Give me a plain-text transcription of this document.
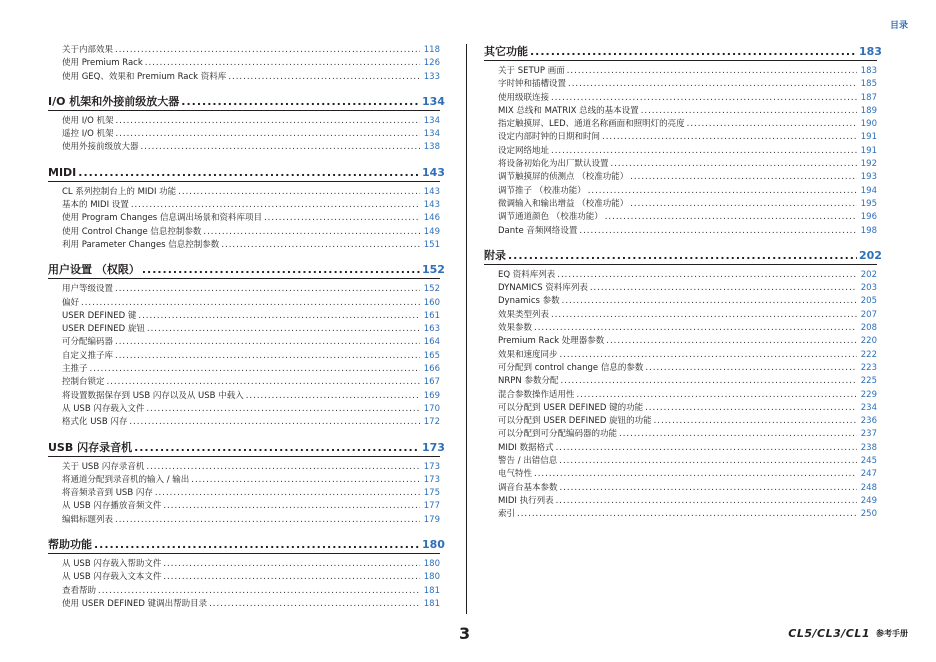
目录
关于内部效果 .....	118
使用 Premium Rack .....	126
使用 GEQ、效果和 Premium Rack 资料库 .....	133
I/O 机架和外接前级放大器 .....	134
使用 I/O 机架 .....	134
遥控 I/O 机架 .....	134
使用外接前级放大器 .....	138
MIDI .....	143
CL 系列控制台上的 MIDI 功能 .....	143
基本的 MIDI 设置 .....	143
使用 Program Changes 信息调出场景和资料库项目 .....	146
使用 Control Change 信息控制参数 .....	149
利用 Parameter Changes 信息控制参数 .....	151
用户设置 （权限） .....	152
用户等级设置 .....	152
偏好 .....	160
USER DEFINED 键 .....	161
USER DEFINED 旋钮 .....	163
可分配编码器 .....	164
自定义推子库 .....	165
主推子 .....	166
控制台锁定 .....	167
将设置数据保存到 USB 闪存以及从 USB 中载入 .....	169
从 USB 闪存载入文件 .....	170
格式化 USB 闪存 .....	172
USB 闪存录音机 .....	173
关于 USB 闪存录音机 .....	173
将通道分配到录音机的输入 / 输出 .....	173
将音频录音到 USB 闪存 .....	175
从 USB 闪存播放音频文件 .....	177
编辑标题列表 .....	179
帮助功能 .....	180
从 USB 闪存载入帮助文件 .....	180
从 USB 闪存载入文本文件 .....	180
查看帮助 .....	181
使用 USER DEFINED 键调出帮助目录 .....	181
其它功能 .....	183
关于 SETUP 画面 .....	183
字时钟和插槽设置 .....	185
使用级联连接 .....	187
MIX 总线和 MATRIX 总线的基本设置 .....	189
指定触摸屏、LED、通道名称画面和照明灯的亮度 .....	190
设定内部时钟的日期和时间 .....	191
设定网络地址 .....	191
将设备初始化为出厂默认设置 .....	192
调节触摸屏的侦测点 （校准功能） .....	193
调节推子 （校准功能） .....	194
微调输入和输出增益 （校准功能） .....	195
调节通道颜色 （校准功能） .....	196
Dante 音频网络设置 .....	198
附录 .....	202
EQ 资料库列表 .....	202
DYNAMICS 资料库列表 .....	203
Dynamics 参数 .....	205
效果类型列表 .....	207
效果参数 .....	208
Premium Rack 处理器参数 .....	220
效果和速度同步 .....	222
可分配到 control change 信息的参数 .....	223
NRPN 参数分配 .....	225
混合参数操作适用性 .....	229
可以分配到 USER DEFINED 键的功能 .....	234
可以分配到 USER DEFINED 旋钮的功能 .....	236
可以分配到可分配编码器的功能 .....	237
MIDI 数据格式 .....	238
警告 / 出错信息 .....	245
电气特性 .....	247
调音台基本参数 .....	248
MIDI 执行列表 .....	249
索引 .....	250
3	CL5/CL3/CL1 参考手册
